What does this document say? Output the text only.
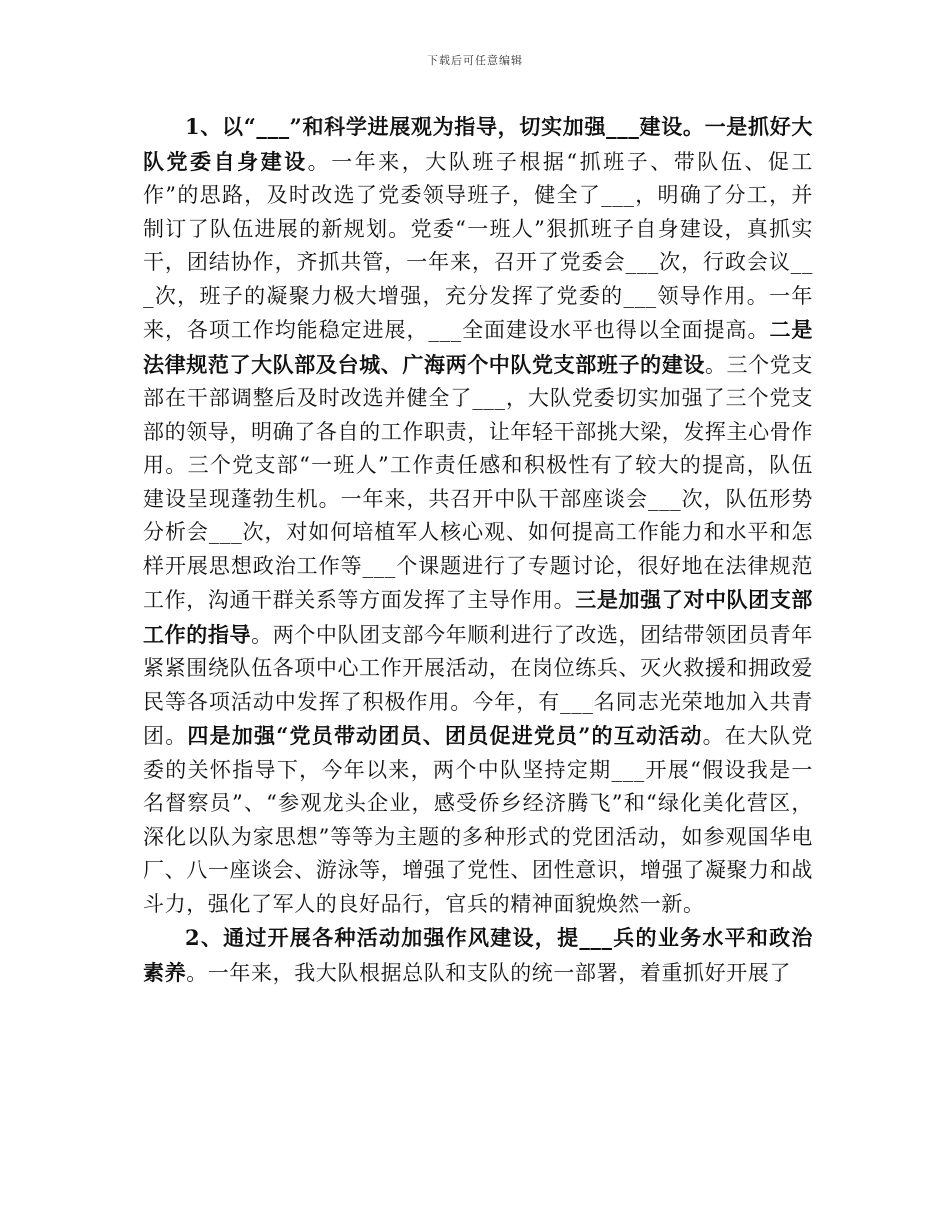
下载后可任意编辑

1、以“___”和科学进展观为指导，切实加强___建设。一是抓好大队党委自身建设。一年来，大队班子根据“抓班子、带队伍、促工作”的思路，及时改选了党委领导班子，健全了___，明确了分工，并制订了队伍进展的新规划。党委“一班人”狠抓班子自身建设，真抓实干，团结协作，齐抓共管，一年来，召开了党委会___次，行政会议___次，班子的凝聚力极大增强，充分发挥了党委的___领导作用。一年来，各项工作均能稳定进展，___全面建设水平也得以全面提高。二是法律规范了大队部及台城、广海两个中队党支部班子的建设。三个党支部在干部调整后及时改选并健全了___，大队党委切实加强了三个党支部的领导，明确了各自的工作职责，让年轻干部挑大梁，发挥主心骨作用。三个党支部“一班人”工作责任感和积极性有了较大的提高，队伍建设呈现蓬勃生机。一年来，共召开中队干部座谈会___次，队伍形势分析会___次，对如何培植军人核心观、如何提高工作能力和水平和怎样开展思想政治工作等___个课题进行了专题讨论，很好地在法律规范工作，沟通干群关系等方面发挥了主导作用。三是加强了对中队团支部工作的指导。两个中队团支部今年顺利进行了改选，团结带领团员青年紧紧围绕队伍各项中心工作开展活动，在岗位练兵、灭火救援和拥政爱民等各项活动中发挥了积极作用。今年，有___名同志光荣地加入共青团。四是加强“党员带动团员、团员促进党员”的互动活动。在大队党委的关怀指导下，今年以来，两个中队坚持定期___开展“假设我是一名督察员”、“参观龙头企业，感受侨乡经济腾飞”和“绿化美化营区，深化以队为家思想”等等为主题的多种形式的党团活动，如参观国华电厂、八一座谈会、游泳等，增强了党性、团性意识，增强了凝聚力和战斗力，强化了军人的良好品行，官兵的精神面貌焕然一新。

2、通过开展各种活动加强作风建设，提___兵的业务水平和政治素养。一年来，我大队根据总队和支队的统一部署，着重抓好开展了
